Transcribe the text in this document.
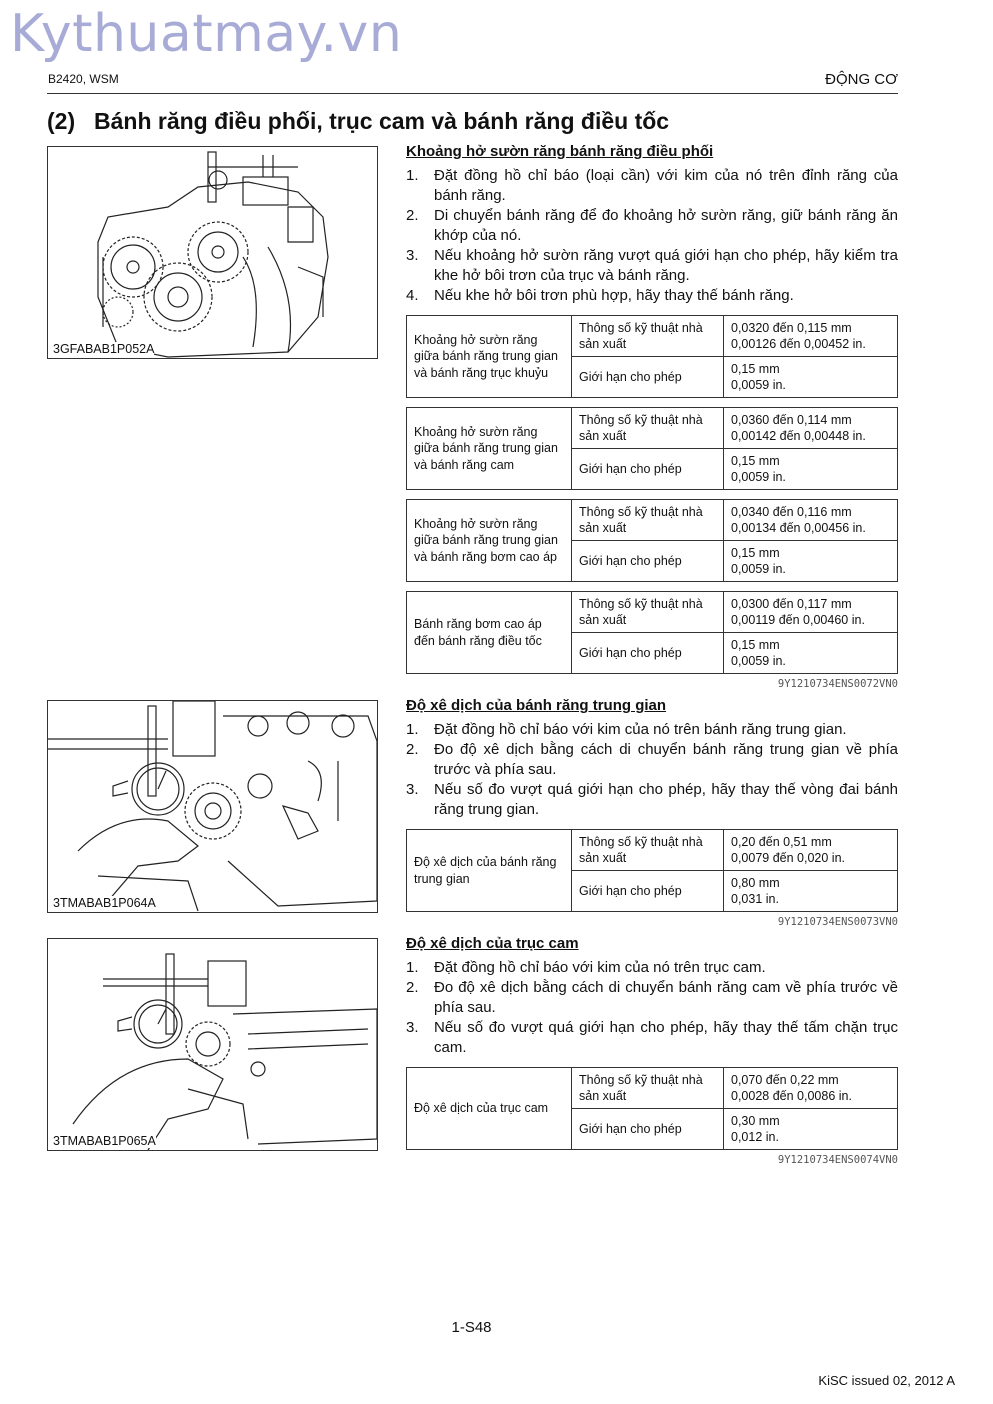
Kythuatmay.vn
B2420, WSM	ĐỘNG CƠ
(2) Bánh răng điều phối, trục cam và bánh răng điều tốc
3GFABAB1P052A
3TMABAB1P064A
3TMABAB1P065A
Khoảng hở sườn răng bánh răng điều phối
1. Đặt đồng hồ chỉ báo (loại cần) với kim của nó trên đỉnh răng của bánh răng.
2. Di chuyển bánh răng để đo khoảng hở sườn răng, giữ bánh răng ăn khớp của nó.
3. Nếu khoảng hở sườn răng vượt quá giới hạn cho phép, hãy kiểm tra khe hở bôi trơn của trục và bánh răng.
4. Nếu khe hở bôi trơn phù hợp, hãy thay thế bánh răng.
Khoảng hở sườn răng giữa bánh răng trung gian và bánh răng trục khuỷu	Thông số kỹ thuật nhà sản xuất	0,0320 đến 0,115 mm
0,00126 đến 0,00452 in.
	Giới hạn cho phép	0,15 mm
0,0059 in.
Khoảng hở sườn răng giữa bánh răng trung gian và bánh răng cam	Thông số kỹ thuật nhà sản xuất	0,0360 đến 0,114 mm
0,00142 đến 0,00448 in.
	Giới hạn cho phép	0,15 mm
0,0059 in.
Khoảng hở sườn răng giữa bánh răng trung gian và bánh răng bơm cao áp	Thông số kỹ thuật nhà sản xuất	0,0340 đến 0,116 mm
0,00134 đến 0,00456 in.
	Giới hạn cho phép	0,15 mm
0,0059 in.
Bánh răng bơm cao áp đến bánh răng điều tốc	Thông số kỹ thuật nhà sản xuất	0,0300 đến 0,117 mm
0,00119 đến 0,00460 in.
	Giới hạn cho phép	0,15 mm
0,0059 in.
9Y1210734ENS0072VN0
Độ xê dịch của bánh răng trung gian
1. Đặt đồng hồ chỉ báo với kim của nó trên bánh răng trung gian.
2. Đo độ xê dịch bằng cách di chuyển bánh răng trung gian về phía trước và phía sau.
3. Nếu số đo vượt quá giới hạn cho phép, hãy thay thế vòng đai bánh răng trung gian.
Độ xê dịch của bánh răng trung gian	Thông số kỹ thuật nhà sản xuất	0,20 đến 0,51 mm
0,0079 đến 0,020 in.
	Giới hạn cho phép	0,80 mm
0,031 in.
9Y1210734ENS0073VN0
Độ xê dịch của trục cam
1. Đặt đồng hồ chỉ báo với kim của nó trên trục cam.
2. Đo độ xê dịch bằng cách di chuyển bánh răng cam về phía trước về phía sau.
3. Nếu số đo vượt quá giới hạn cho phép, hãy thay thế tấm chặn trục cam.
Độ xê dịch của trục cam	Thông số kỹ thuật nhà sản xuất	0,070 đến 0,22 mm
0,0028 đến 0,0086 in.
	Giới hạn cho phép	0,30 mm
0,012 in.
9Y1210734ENS0074VN0
1-S48
KiSC issued 02, 2012 A
